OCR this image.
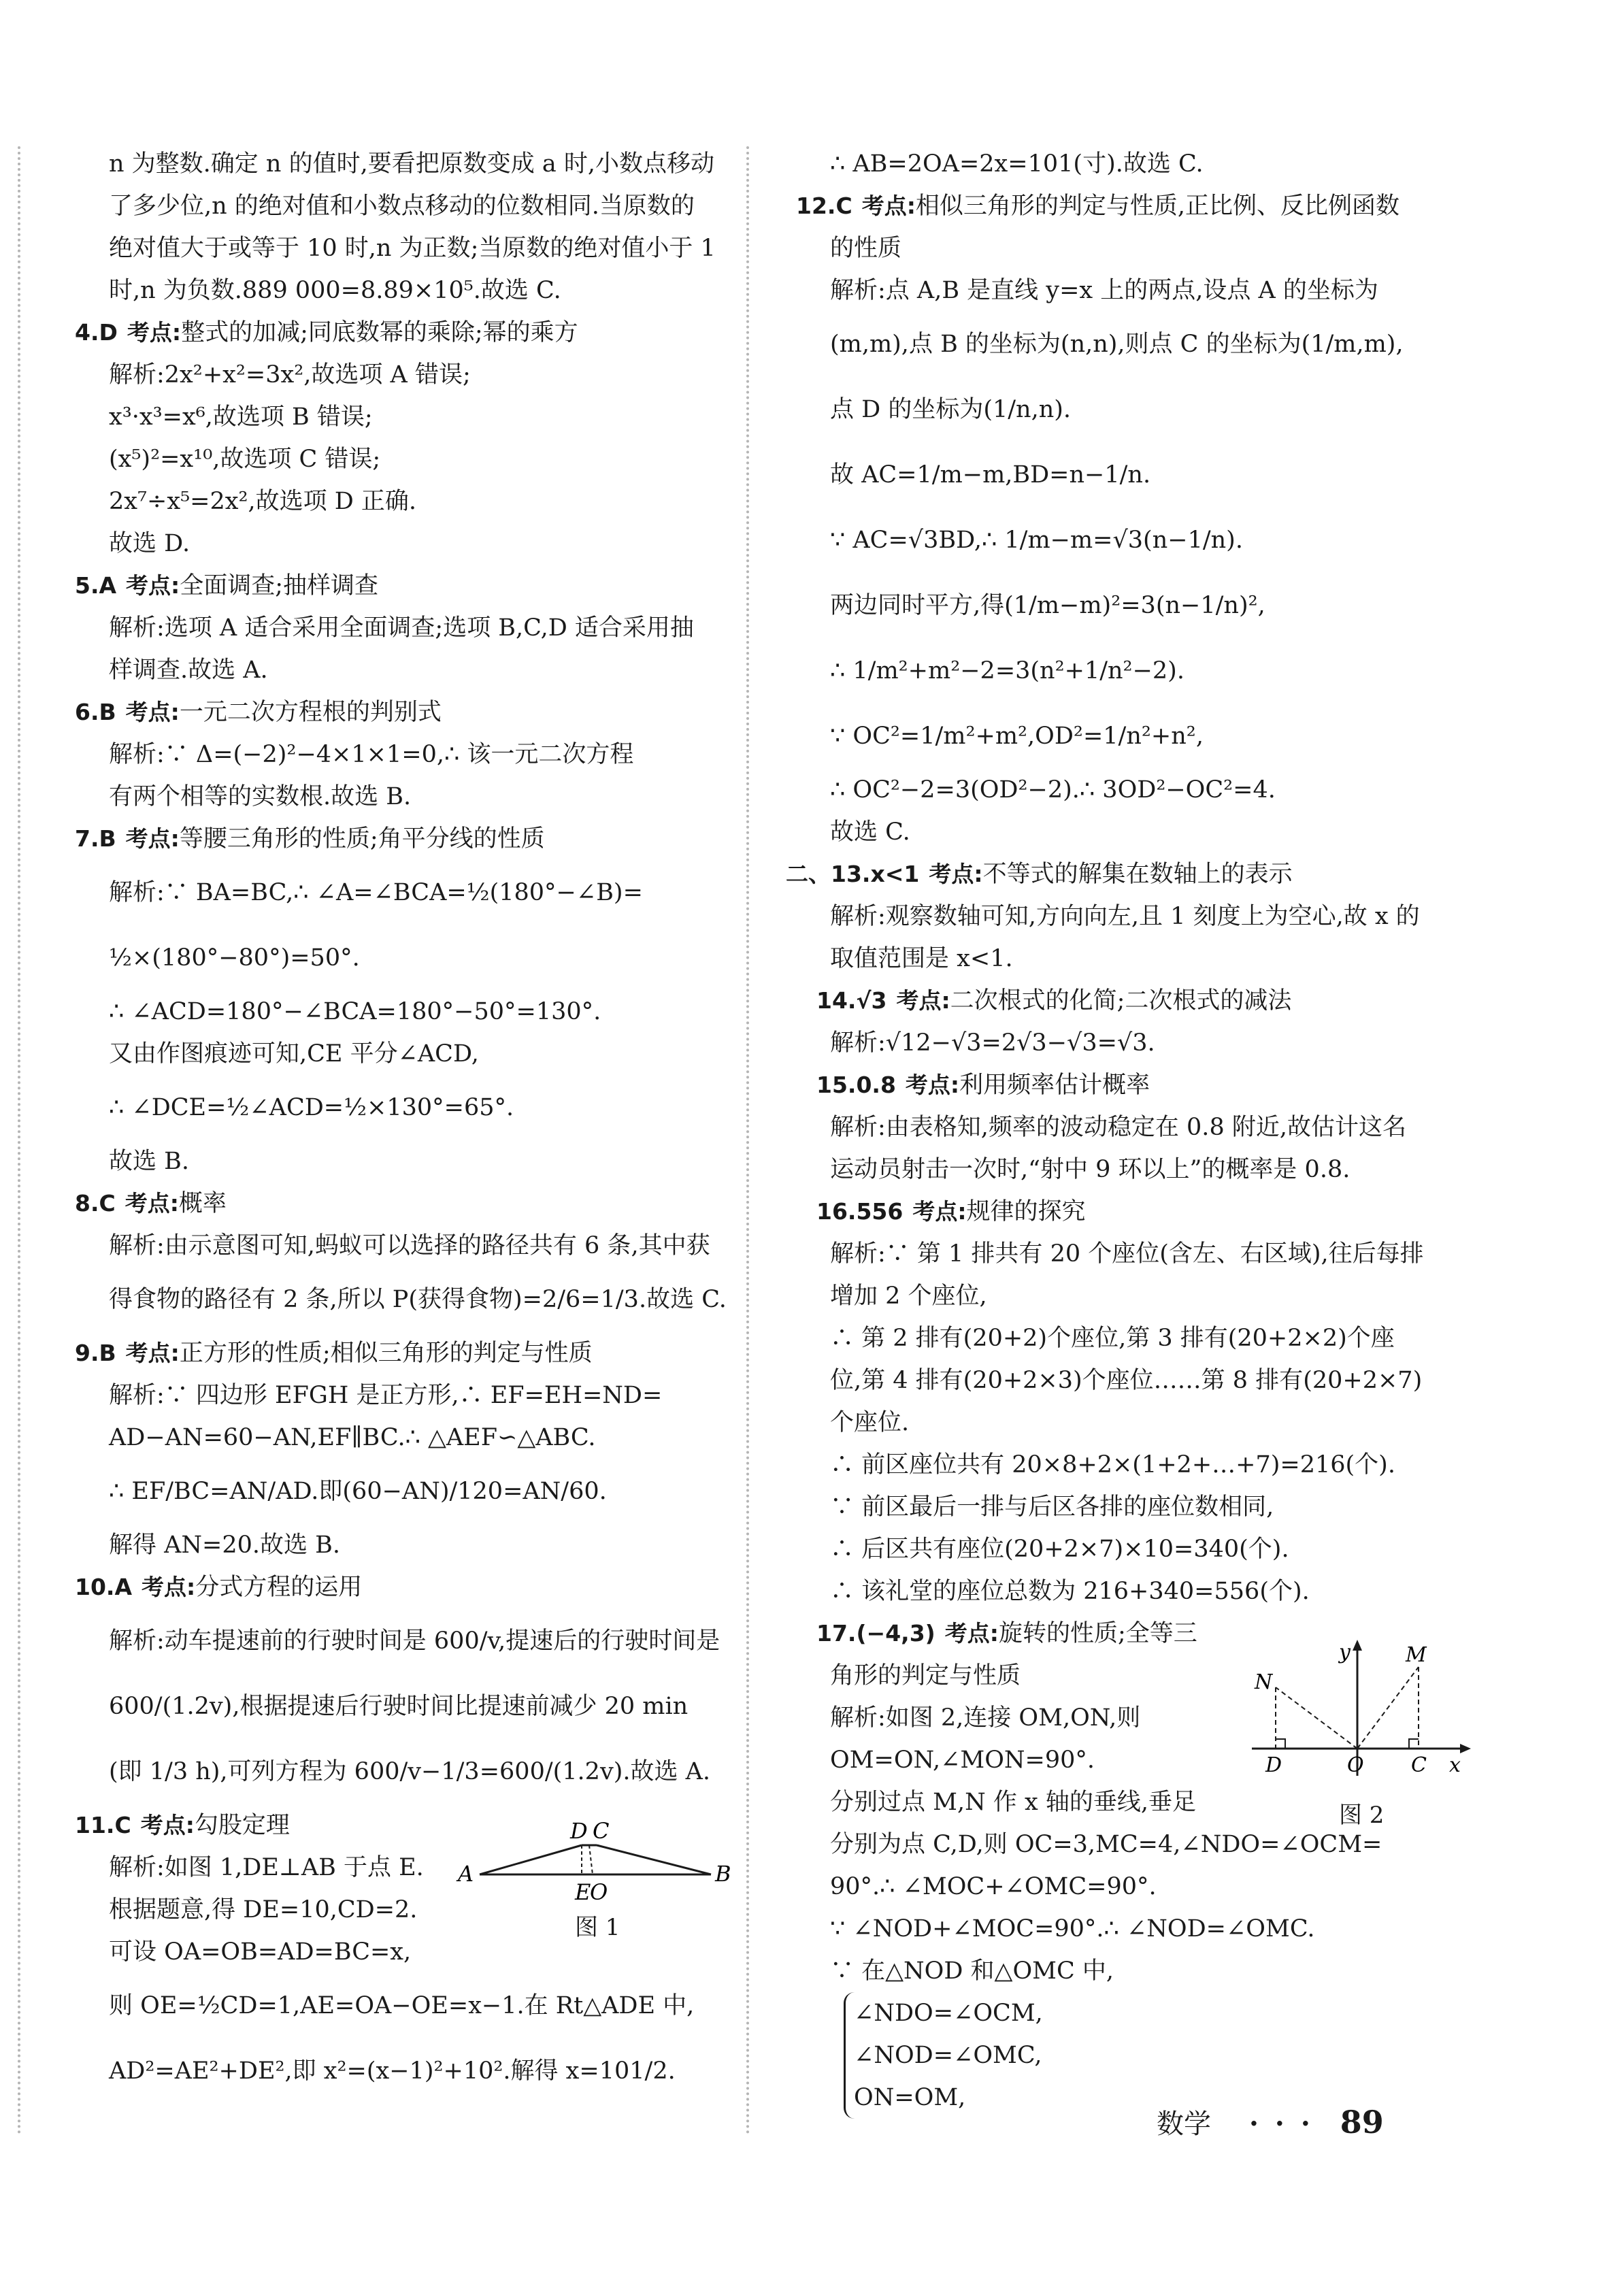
n 为整数.确定 n 的值时,要看把原数变成 a 时,小数点移动
了多少位,n 的绝对值和小数点移动的位数相同.当原数的
绝对值大于或等于 10 时,n 为正数;当原数的绝对值小于 1
时,n 为负数.889 000=8.89×10⁵.故选 C.
4.D 考点:整式的加减;同底数幂的乘除;幂的乘方
解析:2x²+x²=3x²,故选项 A 错误;
x³·x³=x⁶,故选项 B 错误;
(x⁵)²=x¹⁰,故选项 C 错误;
2x⁷÷x⁵=2x²,故选项 D 正确.
故选 D.
5.A 考点:全面调查;抽样调查
解析:选项 A 适合采用全面调查;选项 B,C,D 适合采用抽
样调查.故选 A.
6.B 考点:一元二次方程根的判别式
解析:∵ Δ=(−2)²−4×1×1=0,∴ 该一元二次方程
有两个相等的实数根.故选 B.
7.B 考点:等腰三角形的性质;角平分线的性质
解析:∵ BA=BC,∴ ∠A=∠BCA=½(180°−∠B)=
½×(180°−80°)=50°.
∴ ∠ACD=180°−∠BCA=180°−50°=130°.
又由作图痕迹可知,CE 平分∠ACD,
∴ ∠DCE=½∠ACD=½×130°=65°.
故选 B.
8.C 考点:概率
解析:由示意图可知,蚂蚁可以选择的路径共有 6 条,其中获
得食物的路径有 2 条,所以 P(获得食物)=2/6=1/3.故选 C.
9.B 考点:正方形的性质;相似三角形的判定与性质
解析:∵ 四边形 EFGH 是正方形,∴ EF=EH=ND=
AD−AN=60−AN,EF∥BC.∴ △AEF∽△ABC.
∴ EF/BC=AN/AD.即(60−AN)/120=AN/60.
解得 AN=20.故选 B.
10.A 考点:分式方程的运用
解析:动车提速前的行驶时间是 600/v,提速后的行驶时间是
600/(1.2v),根据提速后行驶时间比提速前减少 20 min
(即 1/3 h),可列方程为 600/v−1/3=600/(1.2v).故选 A.
11.C 考点:勾股定理
解析:如图 1,DE⊥AB 于点 E.
根据题意,得 DE=10,CD=2.
可设 OA=OB=AD=BC=x,
则 OE=½CD=1,AE=OA−OE=x−1.在 Rt△ADE 中,
AD²=AE²+DE²,即 x²=(x−1)²+10².解得 x=101/2.
A	B
D C
E
O
图 1
∴ AB=2OA=2x=101(寸).故选 C.
12.C 考点:相似三角形的判定与性质,正比例、反比例函数
的性质
解析:点 A,B 是直线 y=x 上的两点,设点 A 的坐标为
(m,m),点 B 的坐标为(n,n),则点 C 的坐标为(1/m,m),
点 D 的坐标为(1/n,n).
故 AC=1/m−m,BD=n−1/n.
∵ AC=√3BD,∴ 1/m−m=√3(n−1/n).
两边同时平方,得(1/m−m)²=3(n−1/n)²,
∴ 1/m²+m²−2=3(n²+1/n²−2).
∵ OC²=1/m²+m²,OD²=1/n²+n²,
∴ OC²−2=3(OD²−2).∴ 3OD²−OC²=4.
故选 C.
二、13.x<1 考点:不等式的解集在数轴上的表示
解析:观察数轴可知,方向向左,且 1 刻度上为空心,故 x 的
取值范围是 x<1.
14.√3 考点:二次根式的化简;二次根式的减法
解析:√12−√3=2√3−√3=√3.
15.0.8 考点:利用频率估计概率
解析:由表格知,频率的波动稳定在 0.8 附近,故估计这名
运动员射击一次时,“射中 9 环以上”的概率是 0.8.
16.556 考点:规律的探究
解析:∵ 第 1 排共有 20 个座位(含左、右区域),往后每排
增加 2 个座位,
∴ 第 2 排有(20+2)个座位,第 3 排有(20+2×2)个座
位,第 4 排有(20+2×3)个座位……第 8 排有(20+2×7)
个座位.
∴ 前区座位共有 20×8+2×(1+2+…+7)=216(个).
∵ 前区最后一排与后区各排的座位数相同,
∴ 后区共有座位(20+2×7)×10=340(个).
∴ 该礼堂的座位总数为 216+340=556(个).
17.(−4,3) 考点:旋转的性质;全等三
角形的判定与性质
解析:如图 2,连接 OM,ON,则
OM=ON,∠MON=90°.
分别过点 M,N 作 x 轴的垂线,垂足
分别为点 C,D,则 OC=3,MC=4,∠NDO=∠OCM=
90°.∴ ∠MOC+∠OMC=90°.
∵ ∠NOD+∠MOC=90°.∴ ∠NOD=∠OMC.
∵ 在△NOD 和△OMC 中,
∠NDO=∠OCM,
∠NOD=∠OMC,
ON=OM,
y
x
M
N
D	O C
图 2
数学 ··· 89
